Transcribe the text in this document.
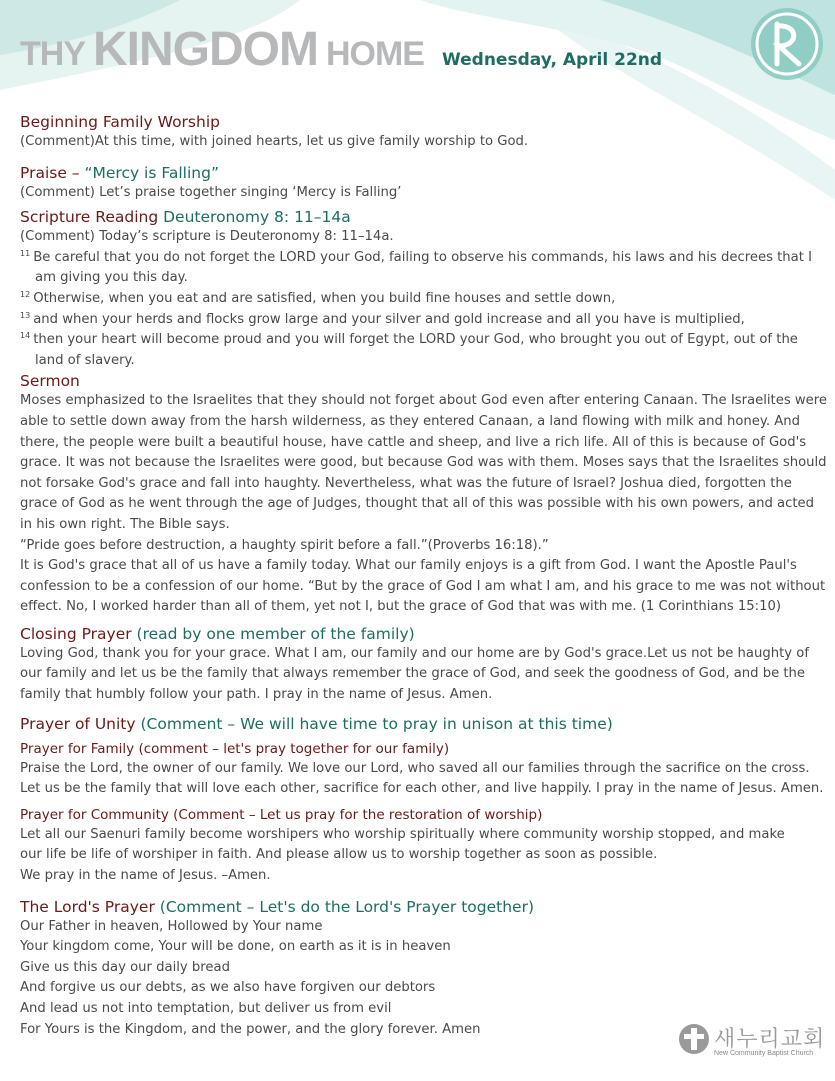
THY KINGDOM HOME Wednesday, April 22nd
Beginning Family Worship
(Comment)At this time, with joined hearts, let us give family worship to God.
Praise – “Mercy is Falling”
(Comment) Let’s praise together singing ‘Mercy is Falling’
Scripture Reading Deuteronomy 8: 11–14a
(Comment) Today’s scripture is Deuteronomy 8: 11–14a.
$^{11}$ Be careful that you do not forget the LORD your God, failing to observe his commands, his laws and his decrees that I am giving you this day.
$^{12}$ Otherwise, when you eat and are satisfied, when you build fine houses and settle down,
$^{13}$ and when your herds and flocks grow large and your silver and gold increase and all you have is multiplied,
$^{14}$ then your heart will become proud and you will forget the LORD your God, who brought you out of Egypt, out of the land of slavery.
Sermon
Moses emphasized to the Israelites that they should not forget about God even after entering Canaan. The Israelites were able to settle down away from the harsh wilderness, as they entered Canaan, a land flowing with milk and honey. And there, the people were built a beautiful house, have cattle and sheep, and live a rich life. All of this is because of God's grace. It was not because the Israelites were good, but because God was with them. Moses says that the Israelites should not forsake God's grace and fall into haughty. Nevertheless, what was the future of Israel? Joshua died, forgotten the grace of God as he went through the age of Judges, thought that all of this was possible with his own powers, and acted in his own right. The Bible says.
“Pride goes before destruction, a haughty spirit before a fall.”(Proverbs 16:18).”
It is God's grace that all of us have a family today. What our family enjoys is a gift from God. I want the Apostle Paul's confession to be a confession of our home. “But by the grace of God I am what I am, and his grace to me was not without effect. No, I worked harder than all of them, yet not I, but the grace of God that was with me. (1 Corinthians 15:10)
Closing Prayer (read by one member of the family)
Loving God, thank you for your grace. What I am, our family and our home are by God's grace.Let us not be haughty of our family and let us be the family that always remember the grace of God, and seek the goodness of God, and be the family that humbly follow your path. I pray in the name of Jesus. Amen.
Prayer of Unity (Comment – We will have time to pray in unison at this time)
Prayer for Family (comment – let's pray together for our family)
Praise the Lord, the owner of our family. We love our Lord, who saved all our families through the sacrifice on the cross. Let us be the family that will love each other, sacrifice for each other, and live happily. I pray in the name of Jesus. Amen.
Prayer for Community (Comment – Let us pray for the restoration of worship)
Let all our Saenuri family become worshipers who worship spiritually where community worship stopped, and make
our life be life of worshiper in faith. And please allow us to worship together as soon as possible.
We pray in the name of Jesus. –Amen.
The Lord's Prayer (Comment – Let's do the Lord's Prayer together)
Our Father in heaven, Hollowed by Your name
Your kingdom come, Your will be done, on earth as it is in heaven
Give us this day our daily bread
And forgive us our debts, as we also have forgiven our debtors
And lead us not into temptation, but deliver us from evil
For Yours is the Kingdom, and the power, and the glory forever. Amen	새누리교회
New Community Baptist Church
